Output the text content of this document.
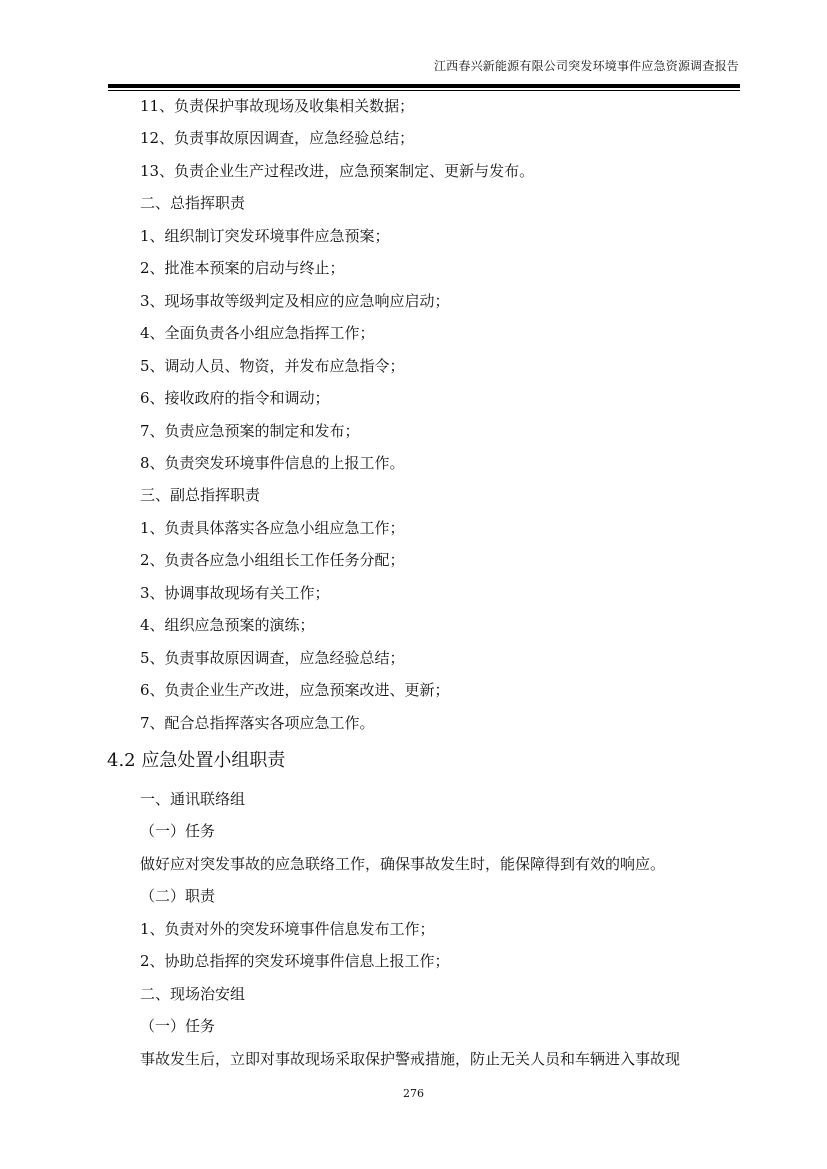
江西春兴新能源有限公司突发环境事件应急资源调查报告
11、负责保护事故现场及收集相关数据；
12、负责事故原因调查，应急经验总结；
13、负责企业生产过程改进，应急预案制定、更新与发布。
二、总指挥职责
1、组织制订突发环境事件应急预案；
2、批准本预案的启动与终止；
3、现场事故等级判定及相应的应急响应启动；
4、全面负责各小组应急指挥工作；
5、调动人员、物资，并发布应急指令；
6、接收政府的指令和调动；
7、负责应急预案的制定和发布；
8、负责突发环境事件信息的上报工作。
三、副总指挥职责
1、负责具体落实各应急小组应急工作；
2、负责各应急小组组长工作任务分配；
3、协调事故现场有关工作；
4、组织应急预案的演练；
5、负责事故原因调查，应急经验总结；
6、负责企业生产改进，应急预案改进、更新；
7、配合总指挥落实各项应急工作。
4.2 应急处置小组职责
一、通讯联络组
（一）任务
做好应对突发事故的应急联络工作，确保事故发生时，能保障得到有效的响应。
（二）职责
1、负责对外的突发环境事件信息发布工作；
2、协助总指挥的突发环境事件信息上报工作；
二、现场治安组
（一）任务
事故发生后，立即对事故现场采取保护警戒措施，防止无关人员和车辆进入事故现
276
